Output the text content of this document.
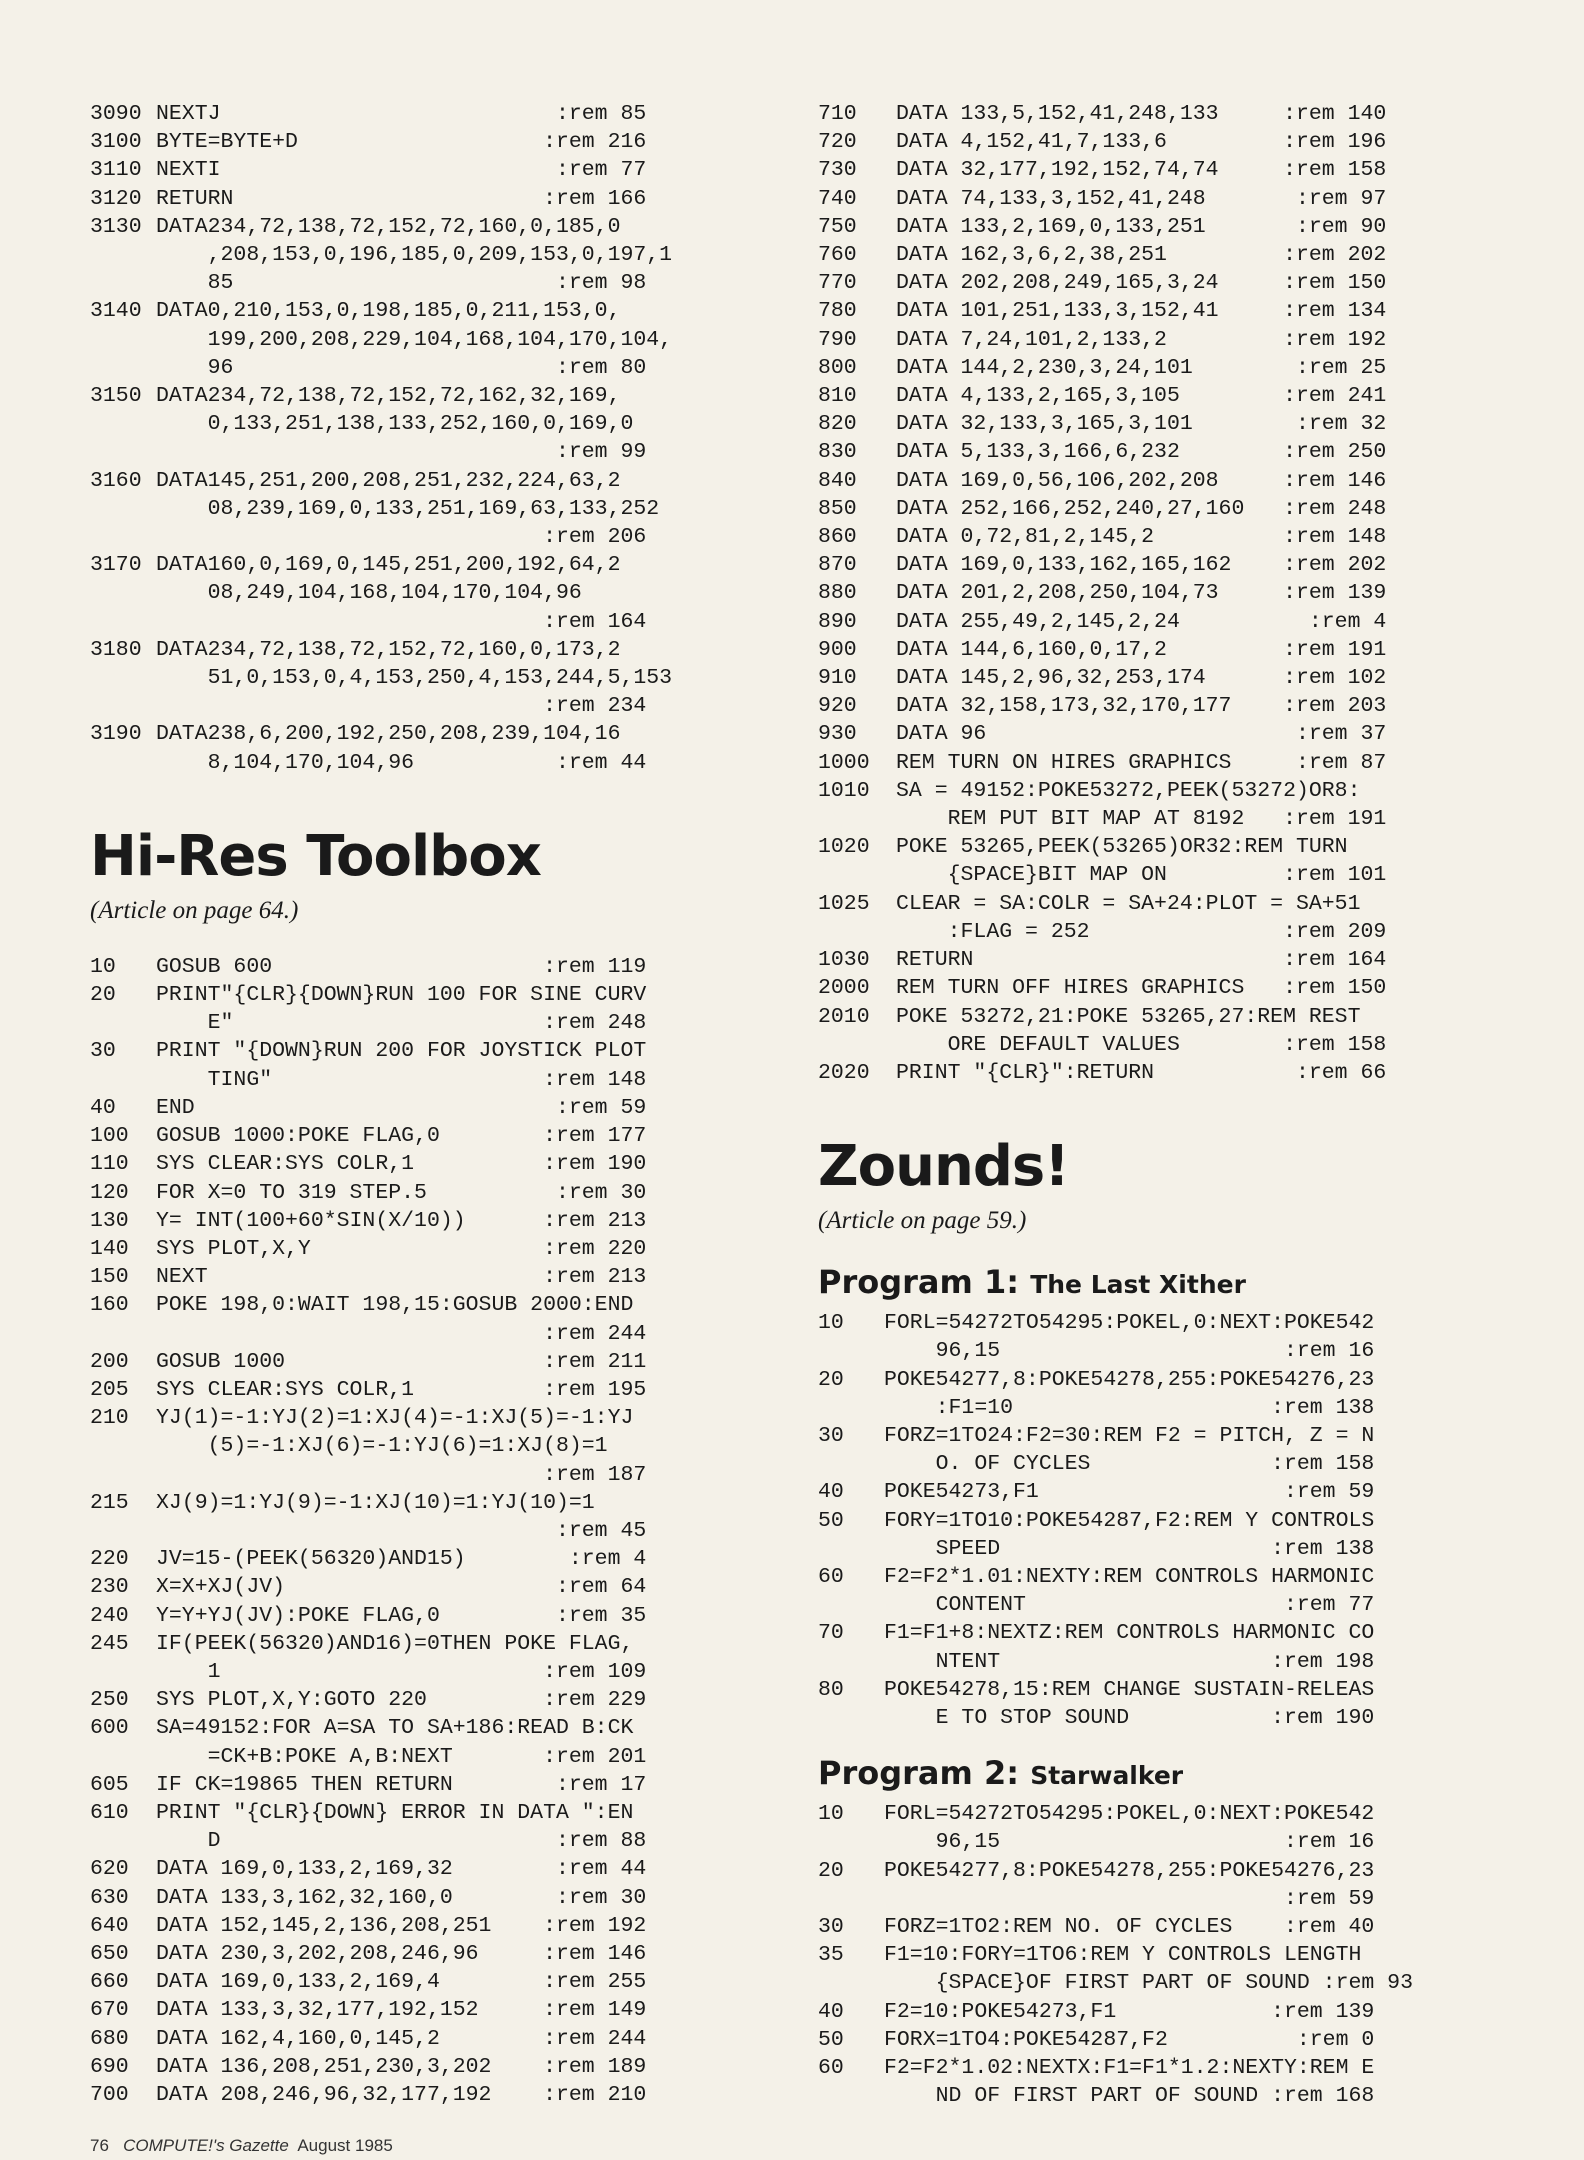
3090 NEXTJ                          :rem 85
3100 BYTE=BYTE+D                   :rem 216
3110 NEXTI                          :rem 77
3120 RETURN                        :rem 166
3130 DATA234,72,138,72,152,72,160,0,185,0
,208,153,0,196,185,0,209,153,0,197,1
85	:rem 98
3140 DATA0,210,153,0,198,185,0,211,153,0,
199,200,208,229,104,168,104,170,104,
96	:rem 80
3150 DATA234,72,138,72,152,72,162,32,169,
0,133,251,138,133,252,160,0,169,0
:rem 99
3160 DATA145,251,200,208,251,232,224,63,2
08,239,169,0,133,251,169,63,133,252
:rem 206
3170 DATA160,0,169,0,145,251,200,192,64,2
08,249,104,168,104,170,104,96
:rem 164
3180 DATA234,72,138,72,152,72,160,0,173,2
51,0,153,0,4,153,250,4,153,244,5,153
:rem 234
3190 DATA238,6,200,192,250,208,239,104,16
8,104,170,104,96	:rem 44
Hi-Res Toolbox
(Article on page 64.)
10	GOSUB 600                     :rem 119
20	PRINT"{CLR}{DOWN}RUN 100 FOR SINE CURV
E"	:rem 248
30	PRINT "{DOWN}RUN 200 FOR JOYSTICK PLOT
TING"	:rem 148
40	END                            :rem 59
100	GOSUB 1000:POKE FLAG,0        :rem 177
110	SYS CLEAR:SYS COLR,1          :rem 190
120	FOR X=0 TO 319 STEP.5          :rem 30
130	Y= INT(100+60*SIN(X/10))      :rem 213
140	SYS PLOT,X,Y                  :rem 220
150	NEXT                          :rem 213
160	POKE 198,0:WAIT 198,15:GOSUB 2000:END
:rem 244
200	GOSUB 1000                    :rem 211
205	SYS CLEAR:SYS COLR,1          :rem 195
210	YJ(1)=-1:YJ(2)=1:XJ(4)=-1:XJ(5)=-1:YJ
(5)=-1:XJ(6)=-1:YJ(6)=1:XJ(8)=1
:rem 187
215	XJ(9)=1:YJ(9)=-1:XJ(10)=1:YJ(10)=1
:rem 45
220	JV=15-(PEEK(56320)AND15)        :rem 4
230	X=X+XJ(JV)                     :rem 64
240	Y=Y+YJ(JV):POKE FLAG,0         :rem 35
245	IF(PEEK(56320)AND16)=0THEN POKE FLAG,
1	:rem 109
250	SYS PLOT,X,Y:GOTO 220         :rem 229
600	SA=49152:FOR A=SA TO SA+186:READ B:CK
=CK+B:POKE A,B:NEXT	:rem 201
605	IF CK=19865 THEN RETURN        :rem 17
610	PRINT "{CLR}{DOWN} ERROR IN DATA ":EN
D	:rem 88
620	DATA 169,0,133,2,169,32        :rem 44
630	DATA 133,3,162,32,160,0        :rem 30
640	DATA 152,145,2,136,208,251    :rem 192
650	DATA 230,3,202,208,246,96     :rem 146
660	DATA 169,0,133,2,169,4        :rem 255
670	DATA 133,3,32,177,192,152     :rem 149
680	DATA 162,4,160,0,145,2        :rem 244
690	DATA 136,208,251,230,3,202    :rem 189
700	DATA 208,246,96,32,177,192    :rem 210
710	DATA 133,5,152,41,248,133     :rem 140
720	DATA 4,152,41,7,133,6         :rem 196
730	DATA 32,177,192,152,74,74     :rem 158
740	DATA 74,133,3,152,41,248       :rem 97
750	DATA 133,2,169,0,133,251       :rem 90
760	DATA 162,3,6,2,38,251         :rem 202
770	DATA 202,208,249,165,3,24     :rem 150
780	DATA 101,251,133,3,152,41     :rem 134
790	DATA 7,24,101,2,133,2         :rem 192
800	DATA 144,2,230,3,24,101        :rem 25
810	DATA 4,133,2,165,3,105        :rem 241
820	DATA 32,133,3,165,3,101        :rem 32
830	DATA 5,133,3,166,6,232        :rem 250
840	DATA 169,0,56,106,202,208     :rem 146
850	DATA 252,166,252,240,27,160   :rem 248
860	DATA 0,72,81,2,145,2          :rem 148
870	DATA 169,0,133,162,165,162    :rem 202
880	DATA 201,2,208,250,104,73     :rem 139
890	DATA 255,49,2,145,2,24          :rem 4
900	DATA 144,6,160,0,17,2         :rem 191
910	DATA 145,2,96,32,253,174      :rem 102
920	DATA 32,158,173,32,170,177    :rem 203
930	DATA 96                        :rem 37
1000	REM TURN ON HIRES GRAPHICS     :rem 87
1010	SA = 49152:POKE53272,PEEK(53272)OR8:
REM PUT BIT MAP AT 8192   :rem 191
1020	POKE 53265,PEEK(53265)OR32:REM TURN
{SPACE}BIT MAP ON	:rem 101
1025	CLEAR = SA:COLR = SA+24:PLOT = SA+51
:FLAG = 252	:rem 209
1030	RETURN                        :rem 164
2000	REM TURN OFF HIRES GRAPHICS   :rem 150
2010	POKE 53272,21:POKE 53265,27:REM REST
ORE DEFAULT VALUES	:rem 158
2020	PRINT "{CLR}":RETURN           :rem 66
Zounds!
(Article on page 59.)
Program 1: The Last Xither
10	FORL=54272TO54295:POKEL,0:NEXT:POKE542
96,15	:rem 16
20	POKE54277,8:POKE54278,255:POKE54276,23
:F1=10	:rem 138
30	FORZ=1TO24:F2=30:REM F2 = PITCH, Z = N
O. OF CYCLES	:rem 158
40	POKE54273,F1                   :rem 59
50	FORY=1TO10:POKE54287,F2:REM Y CONTROLS
SPEED	:rem 138
60	F2=F2*1.01:NEXTY:REM CONTROLS HARMONIC
CONTENT	:rem 77
70	F1=F1+8:NEXTZ:REM CONTROLS HARMONIC CO
NTENT	:rem 198
80	POKE54278,15:REM CHANGE SUSTAIN-RELEAS
E TO STOP SOUND	:rem 190
Program 2: Starwalker
10	FORL=54272TO54295:POKEL,0:NEXT:POKE542
96,15	:rem 16
20	POKE54277,8:POKE54278,255:POKE54276,23
:rem 59
30	FORZ=1TO2:REM NO. OF CYCLES    :rem 40
35	F1=10:FORY=1TO6:REM Y CONTROLS LENGTH
{SPACE}OF FIRST PART OF SOUND :rem 93
40	F2=10:POKE54273,F1            :rem 139
50	FORX=1TO4:POKE54287,F2          :rem 0
60	F2=F2*1.02:NEXTX:F1=F1*1.2:NEXTY:REM E
ND OF FIRST PART OF SOUND :rem 168
76 COMPUTE!'s Gazette August 1985
